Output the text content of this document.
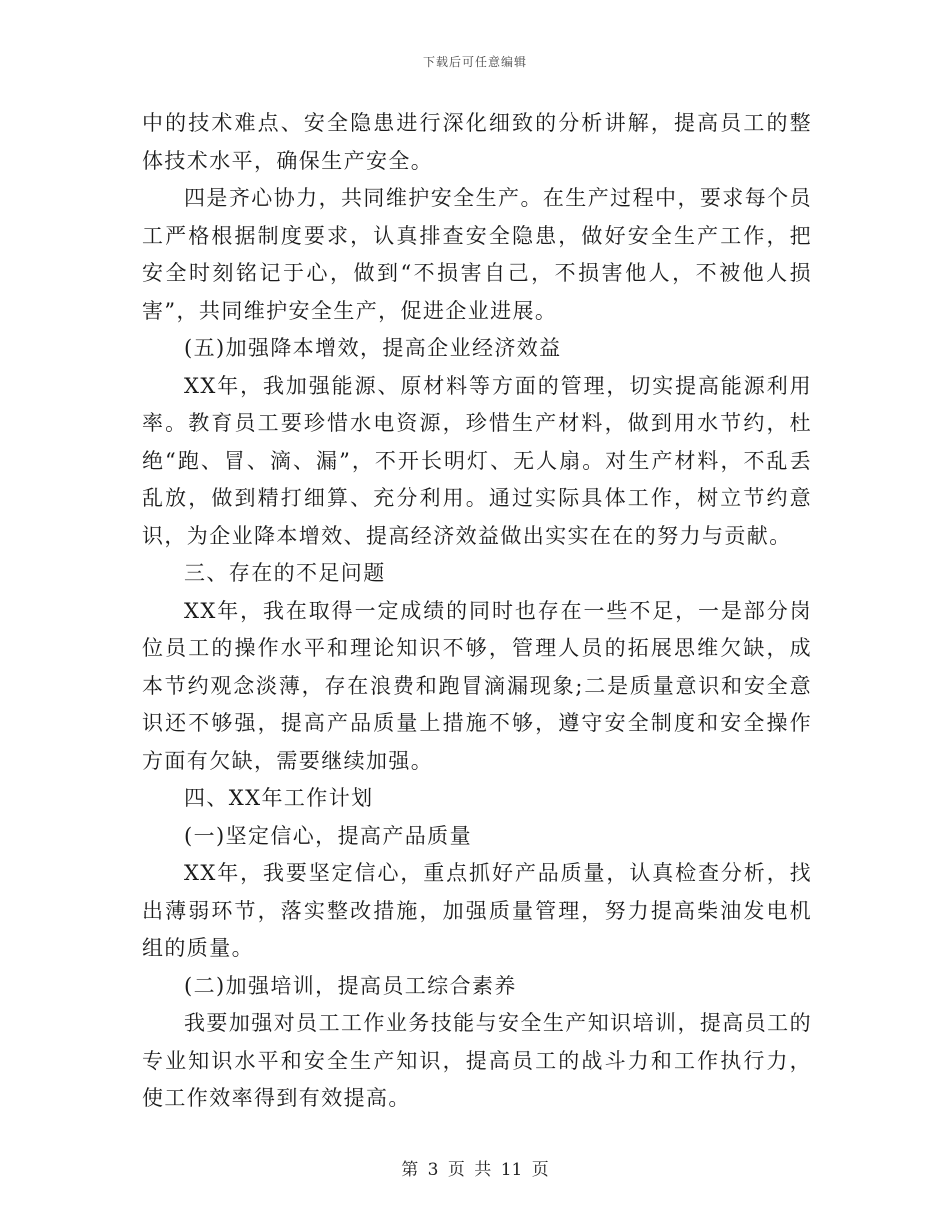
下载后可任意编辑

中的技术难点、安全隐患进行深化细致的分析讲解，提高员工的整体技术水平，确保生产安全。

四是齐心协力，共同维护安全生产。在生产过程中，要求每个员工严格根据制度要求，认真排查安全隐患，做好安全生产工作，把安全时刻铭记于心，做到“不损害自己，不损害他人，不被他人损害”，共同维护安全生产，促进企业进展。

(五)加强降本增效，提高企业经济效益

XX年，我加强能源、原材料等方面的管理，切实提高能源利用率。教育员工要珍惜水电资源，珍惜生产材料，做到用水节约，杜绝“跑、冒、滴、漏”，不开长明灯、无人扇。对生产材料，不乱丢乱放，做到精打细算、充分利用。通过实际具体工作，树立节约意识，为企业降本增效、提高经济效益做出实实在在的努力与贡献。

三、存在的不足问题

XX年，我在取得一定成绩的同时也存在一些不足，一是部分岗位员工的操作水平和理论知识不够，管理人员的拓展思维欠缺，成本节约观念淡薄，存在浪费和跑冒滴漏现象;二是质量意识和安全意识还不够强，提高产品质量上措施不够，遵守安全制度和安全操作方面有欠缺，需要继续加强。

四、XX年工作计划

(一)坚定信心，提高产品质量

XX年，我要坚定信心，重点抓好产品质量，认真检查分析，找出薄弱环节，落实整改措施，加强质量管理，努力提高柴油发电机组的质量。

(二)加强培训，提高员工综合素养

我要加强对员工工作业务技能与安全生产知识培训，提高员工的专业知识水平和安全生产知识，提高员工的战斗力和工作执行力，使工作效率得到有效提高。

第 3 页 共 11 页
